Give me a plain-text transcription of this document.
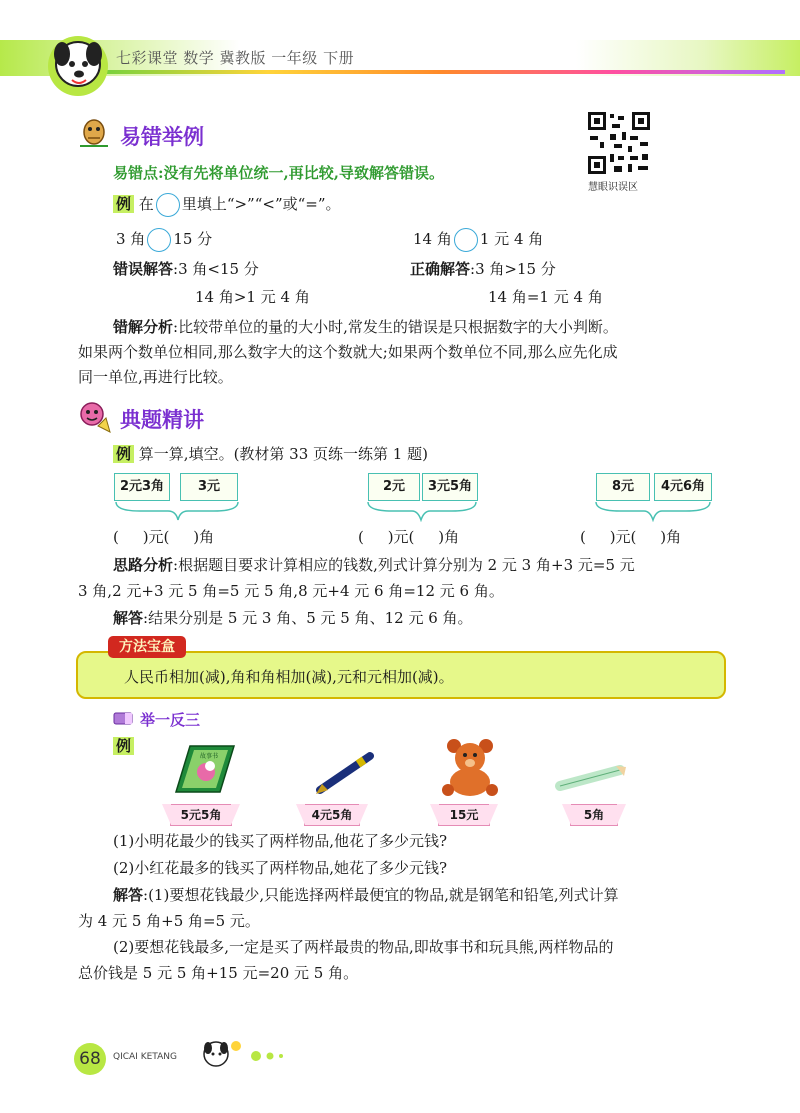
七彩课堂 数学 冀教版 一年级 下册
慧眼识误区
易错举例
易错点:没有先将单位统一,再比较,导致解答错误。
例 在 里填上“>”“<”或“=”。
3 角 15 分	14 角 1 元 4 角
错误解答:3 角<15 分
14 角>1 元 4 角
正确解答:3 角>15 分
14 角=1 元 4 角
错解分析:比较带单位的量的大小时,常发生的错误是只根据数字的大小判断。
如果两个数单位相同,那么数字大的这个数就大;如果两个数单位不同,那么应先化成
同一单位,再进行比较。
典题精讲
例 算一算,填空。(教材第 33 页练一练第 1 题)
2元3角	3元	2元	3元5角	8元	4元6角
(     )元(     )角	(     )元(     )角	(     )元(     )角
思路分析:根据题目要求计算相应的钱数,列式计算分别为 2 元 3 角+3 元=5 元
3 角,2 元+3 元 5 角=5 元 5 角,8 元+4 元 6 角=12 元 6 角。
解答:结果分别是 5 元 3 角、5 元 5 角、12 元 6 角。
方法宝盒
人民币相加(减),角和角相加(减),元和元相加(减)。
举一反三
例
故事书
5元5角	4元5角	15元	5角
(1)小明花最少的钱买了两样物品,他花了多少元钱?
(2)小红花最多的钱买了两样物品,她花了多少元钱?
解答:(1)要想花钱最少,只能选择两样最便宜的物品,就是钢笔和铅笔,列式计算
为 4 元 5 角+5 角=5 元。
(2)要想花钱最多,一定是买了两样最贵的物品,即故事书和玩具熊,两样物品的
总价钱是 5 元 5 角+15 元=20 元 5 角。
68	QICAI KETANG
